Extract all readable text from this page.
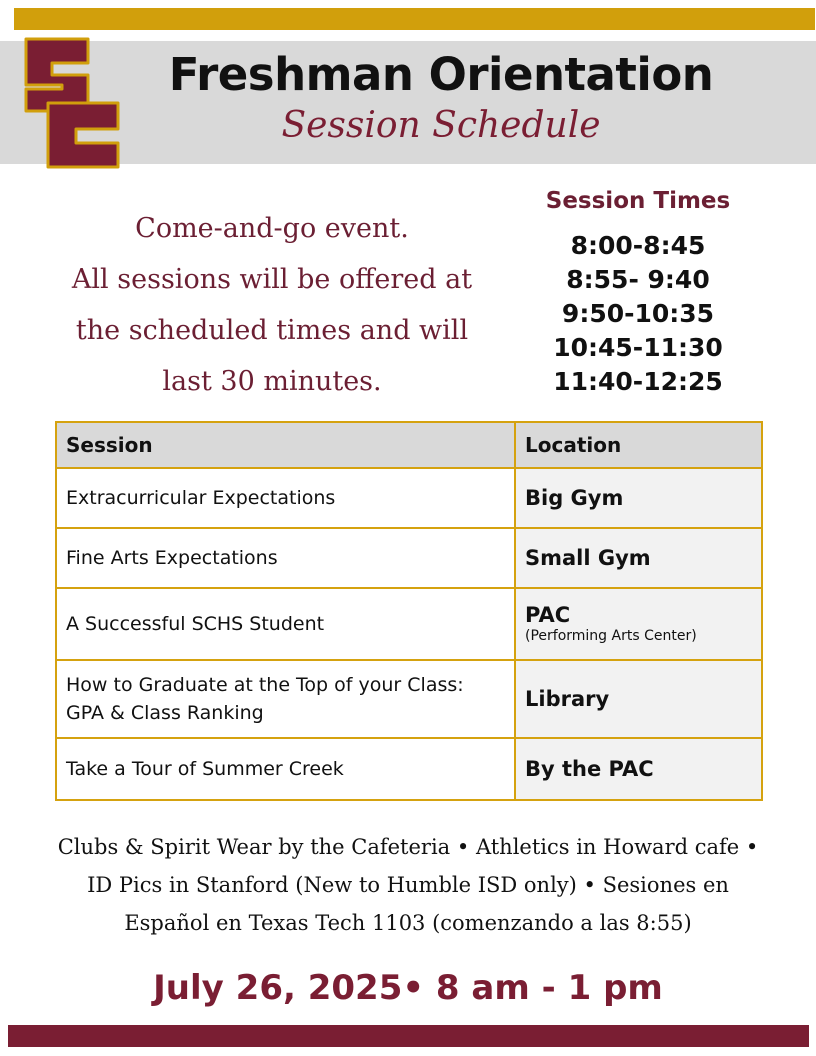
Freshman Orientation
Session Schedule
Come-and-go event.
All sessions will be offered at
the scheduled times and will
last 30 minutes.
Session Times
8:00-8:45
8:55- 9:40
9:50-10:35
10:45-11:30
11:40-12:25
Session	Location
Extracurricular Expectations	Big Gym
Fine Arts Expectations	Small Gym
A Successful SCHS Student	PAC
(Performing Arts Center)

How to Graduate at the Top of your Class: GPA & Class Ranking	Library
Take a Tour of Summer Creek	By the PAC
Clubs & Spirit Wear by the Cafeteria • Athletics in Howard cafe •
ID Pics in Stanford (New to Humble ISD only) • Sesiones en
Español en Texas Tech 1103 (comenzando a las 8:55)
July 26, 2025• 8 am - 1 pm
